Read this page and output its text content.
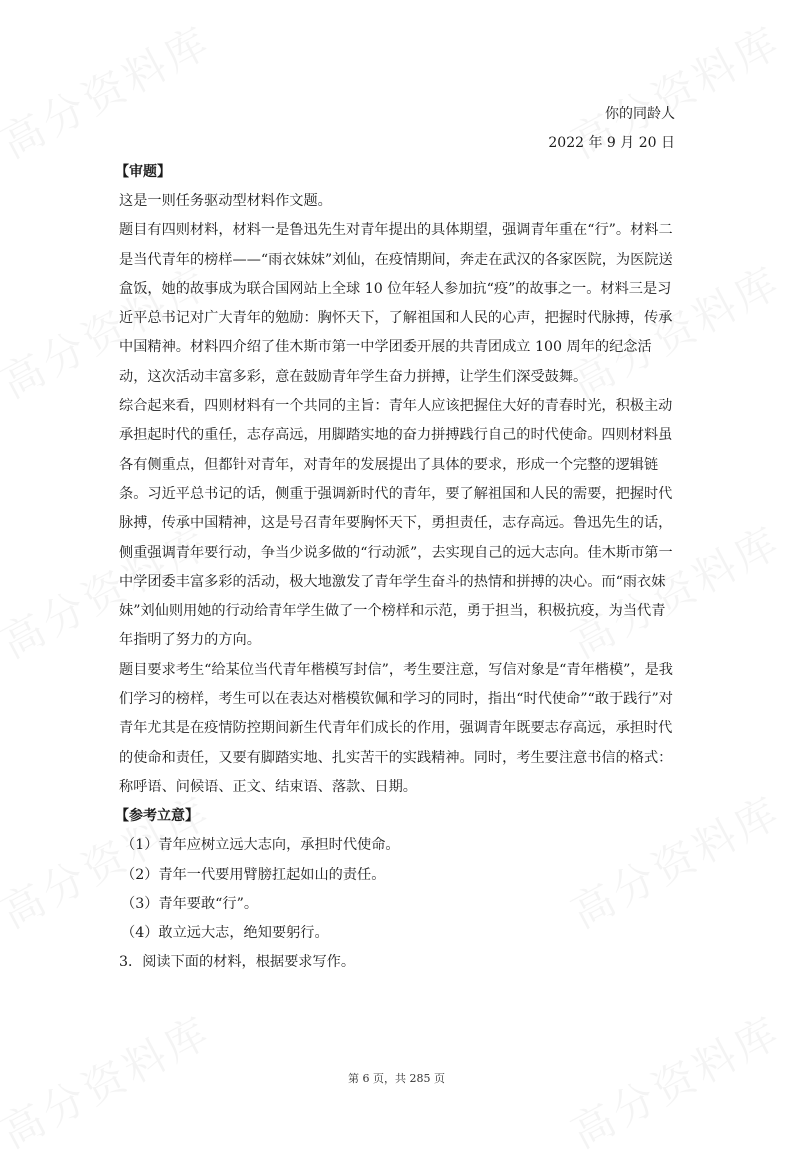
你的同龄人

2022 年 9 月 20 日

【审题】

这是一则任务驱动型材料作文题。

题目有四则材料，材料一是鲁迅先生对青年提出的具体期望，强调青年重在“行”。材料二是当代青年的榜样——“雨衣妹妹”刘仙，在疫情期间，奔走在武汉的各家医院，为医院送盒饭，她的故事成为联合国网站上全球 10 位年轻人参加抗“疫”的故事之一。材料三是习近平总书记对广大青年的勉励：胸怀天下，了解祖国和人民的心声，把握时代脉搏，传承中国精神。材料四介绍了佳木斯市第一中学团委开展的共青团成立 100 周年的纪念活动，这次活动丰富多彩，意在鼓励青年学生奋力拼搏，让学生们深受鼓舞。

综合起来看，四则材料有一个共同的主旨：青年人应该把握住大好的青春时光，积极主动承担起时代的重任，志存高远，用脚踏实地的奋力拼搏践行自己的时代使命。四则材料虽各有侧重点，但都针对青年，对青年的发展提出了具体的要求，形成一个完整的逻辑链条。习近平总书记的话，侧重于强调新时代的青年，要了解祖国和人民的需要，把握时代脉搏，传承中国精神，这是号召青年要胸怀天下，勇担责任，志存高远。鲁迅先生的话，侧重强调青年要行动，争当少说多做的“行动派”，去实现自己的远大志向。佳木斯市第一中学团委丰富多彩的活动，极大地激发了青年学生奋斗的热情和拼搏的决心。而“雨衣妹妹”刘仙则用她的行动给青年学生做了一个榜样和示范，勇于担当，积极抗疫，为当代青年指明了努力的方向。

题目要求考生“给某位当代青年楷模写封信”，考生要注意，写信对象是“青年楷模”，是我们学习的榜样，考生可以在表达对楷模钦佩和学习的同时，指出“时代使命”“敢于践行”对青年尤其是在疫情防控期间新生代青年们成长的作用，强调青年既要志存高远，承担时代的使命和责任，又要有脚踏实地、扎实苦干的实践精神。同时，考生要注意书信的格式：称呼语、问候语、正文、结束语、落款、日期。

【参考立意】

（1）青年应树立远大志向，承担时代使命。

（2）青年一代要用臂膀扛起如山的责任。

（3）青年要敢“行”。

（4）敢立远大志，绝知要躬行。

3．阅读下面的材料，根据要求写作。

第 6 页，共 285 页
